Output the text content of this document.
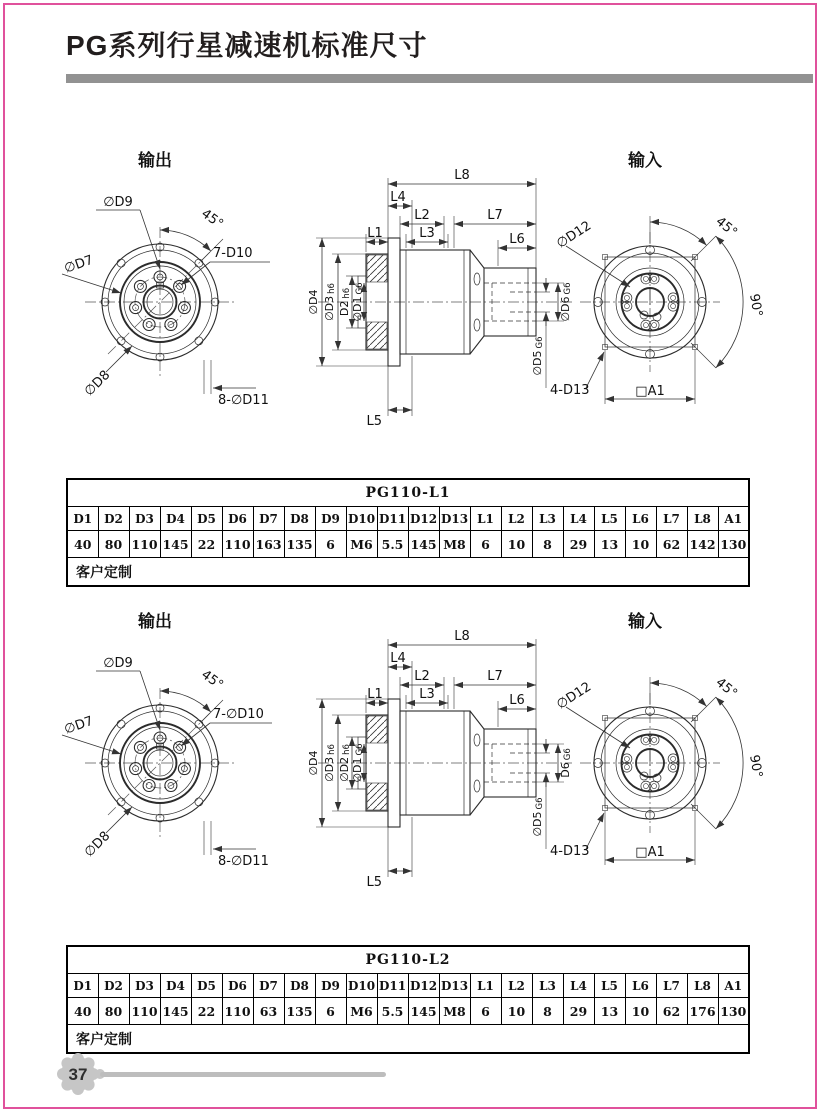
PG系列行星减速机标准尺寸
输出	输入
45°
∅D9
∅D7
∅D8
7-D10
8-∅D11
L8
L4
L2	L7
L1	L3	L6
L5
∅D4 ∅D3h6
D2h6
∅D1G6
∅D6G6
∅D5G6
∅D12
4-D13	□A1
45°
90°
PG110-L1																					
D1	D2	D3	D4	D5	D6	D7	D8	D9	D10	D11	D12	D13	L1	L2	L3	L4	L5	L6	L7	L8	A1
40	80	110	145	22	110	163	135	6	M6	5.5	145	M8	6	10	8	29	13	10	62	142	130
客户定制																					
输出	输入
45°
∅D9
∅D7
∅D8
7-∅D10
8-∅D11
L8
L4
L2	L7
L1	L3	L6
L5
∅D4 ∅D3h6
∅D2h6
∅D1G6
D6G6
∅D5G6
∅D12
4-D13	□A1
45°
90°
PG110-L2																					
D1	D2	D3	D4	D5	D6	D7	D8	D9	D10	D11	D12	D13	L1	L2	L3	L4	L5	L6	L7	L8	A1
40	80	110	145	22	110	63	135	6	M6	5.5	145	M8	6	10	8	29	13	10	62	176	130
客户定制																					
37
